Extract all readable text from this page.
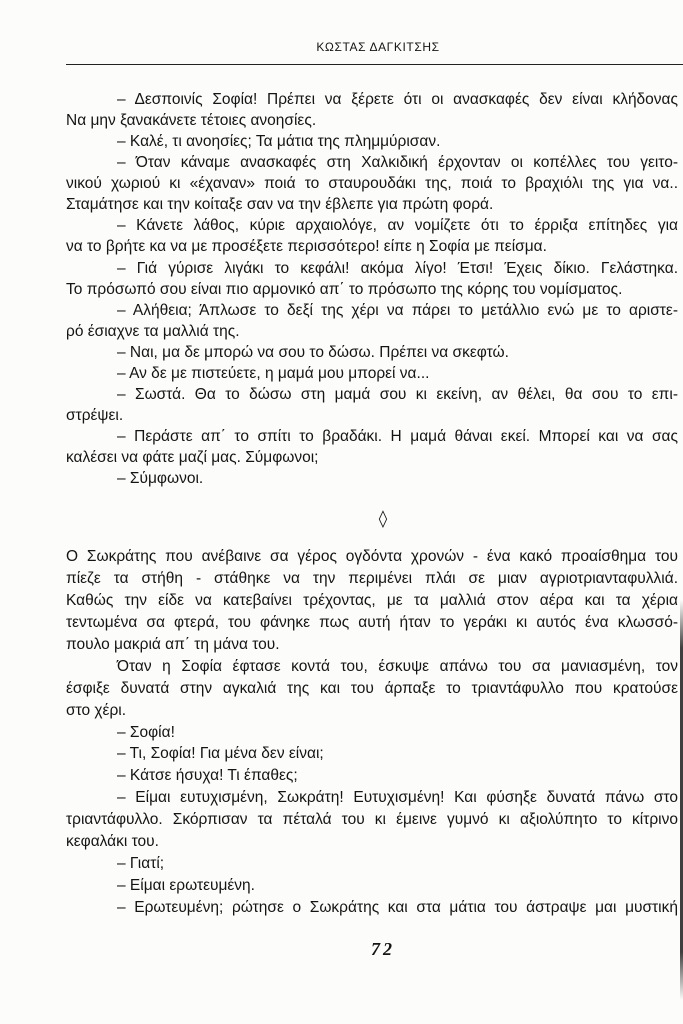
ΚΩΣΤΑΣ ΔΑΓΚΙΤΣΗΣ
– Δεσποινίς Σοφία! Πρέπει να ξέρετε ότι οι ανασκαφές δεν είναι κλήδονας
Να μην ξανακάνετε τέτοιες ανοησίες.
– Καλέ, τι ανοησίες; Τα μάτια της πλημμύρισαν.
– Όταν κάναμε ανασκαφές στη Χαλκιδική έρχονταν οι κοπέλλες του γειτο-
νικού χωριού κι «έχαναν» ποιά το σταυρουδάκι της, ποιά το βραχιόλι της για να..
Σταμάτησε και την κοίταξε σαν να την έβλεπε για πρώτη φορά.
– Κάνετε λάθος, κύριε αρχαιολόγε, αν νομίζετε ότι το έρριξα επίτηδες για
να το βρήτε κα να με προσέξετε περισσότερο! είπε η Σοφία με πείσμα.
– Γιά γύρισε λιγάκι το κεφάλι! ακόμα λίγο! Έτσι! Έχεις δίκιο. Γελάστηκα.
Το πρόσωπό σου είναι πιο αρμονικό απ΄ το πρόσωπο της κόρης του νομίσματος.
– Αλήθεια; Άπλωσε το δεξί της χέρι να πάρει το μετάλλιο ενώ με το αριστε-
ρό έσιαχνε τα μαλλιά της.
– Ναι, μα δε μπορώ να σου το δώσω. Πρέπει να σκεφτώ.
– Αν δε με πιστεύετε, η μαμά μου μπορεί να...
– Σωστά. Θα το δώσω στη μαμά σου κι εκείνη, αν θέλει, θα σου το επι-
στρέψει.
– Περάστε απ΄ το σπίτι το βραδάκι. Η μαμά θάναι εκεί. Μπορεί και να σας
καλέσει να φάτε μαζί μας. Σύμφωνοι;
– Σύμφωνοι.
◊
Ο Σωκράτης που ανέβαινε σα γέρος ογδόντα χρονών - ένα κακό προαίσθημα του
πίεζε τα στήθη - στάθηκε να την περιμένει πλάι σε μιαν αγριοτριανταφυλλιά.
Καθώς την είδε να κατεβαίνει τρέχοντας, με τα μαλλιά στον αέρα και τα χέρια
τεντωμένα σα φτερά, του φάνηκε πως αυτή ήταν το γεράκι κι αυτός ένα κλωσσό-
πουλο μακριά απ΄ τη μάνα του.
Όταν η Σοφία έφτασε κοντά του, έσκυψε απάνω του σα μανιασμένη, τον
έσφιξε δυνατά στην αγκαλιά της και του άρπαξε το τριαντάφυλλο που κρατούσε
στο χέρι.
– Σοφία!
– Τι, Σοφία! Για μένα δεν είναι;
– Κάτσε ήσυχα! Τι έπαθες;
– Είμαι ευτυχισμένη, Σωκράτη! Ευτυχισμένη! Και φύσηξε δυνατά πάνω στο
τριαντάφυλλο. Σκόρπισαν τα πέταλά του κι έμεινε γυμνό κι αξιολύπητο το κίτρινο
κεφαλάκι του.
– Γιατί;
– Είμαι ερωτευμένη.
– Ερωτευμένη; ρώτησε ο Σωκράτης και στα μάτια του άστραψε μαι μυστική
72
